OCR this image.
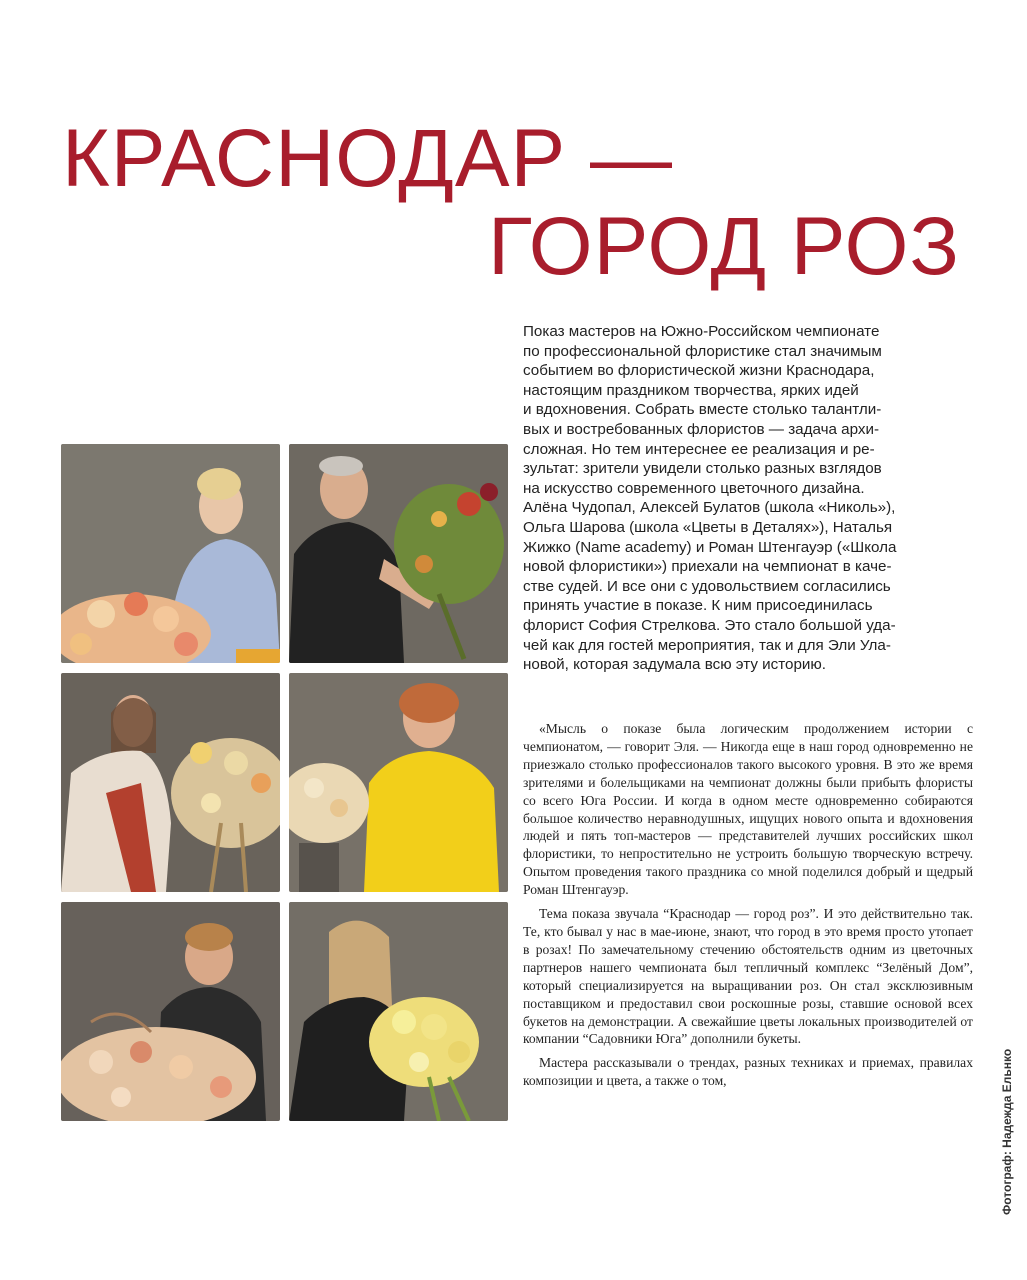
КРАСНОДАР —
ГОРОД РОЗ

Показ мастеров на Южно-Российском чемпионате

по профессиональной флористике стал значимым

событием во флористической жизни Краснодара,

настоящим праздником творчества, ярких идей

и вдохновения. Собрать вместе столько талантли-

вых и востребованных флористов — задача архи-

сложная. Но тем интереснее ее реализация и ре-

зультат: зрители увидели столько разных взглядов

на искусство современного цветочного дизайна.

Алёна Чудопал, Алексей Булатов (школа «Николь»),

Ольга Шарова (школа «Цветы в Деталях»), Наталья

Жижко (Name academy) и Роман Штенгауэр («Школа

новой флористики») приехали на чемпионат в каче-

стве судей. И все они с удовольствием согласились

принять участие в показе. К ним присоединилась

флорист София Стрелкова. Это стало большой уда-

чей как для гостей мероприятия, так и для Эли Ула-

новой, которая задумала всю эту историю.

«Мысль о показе была логическим продолжением истории с чемпионатом, — говорит Эля. — Никогда еще в наш город одновременно не приезжало столько профессионалов такого высокого уровня. В это же время зрителями и болельщиками на чемпионат должны были прибыть флористы со всего Юга России. И когда в одном месте одновременно собираются большое количество неравнодушных, ищущих нового опыта и вдохновения людей и пять топ-мастеров — представителей лучших российских школ флористики, то непростительно не устроить большую творческую встречу. Опытом проведения такого праздника со мной поделился добрый и щедрый Роман Штенгауэр.

Тема показа звучала “Краснодар — город роз”. И это действительно так. Те, кто бывал у нас в мае-июне, знают, что город в это время просто утопает в розах! По замечательному стечению обстоятельств одним из цветочных партнеров нашего чемпионата был тепличный комплекс “Зелёный Дом”, который специализируется на выращивании роз. Он стал эксклюзивным поставщиком и предоставил свои роскошные розы, ставшие основой всех букетов на демонстрации. А свежайшие цветы локальных производителей от компании “Садовники Юга” дополнили букеты.

Мастера рассказывали о трендах, разных техниках и приемах, правилах композиции и цвета, а также о том,	Фотограф: Надежда Ельнко
